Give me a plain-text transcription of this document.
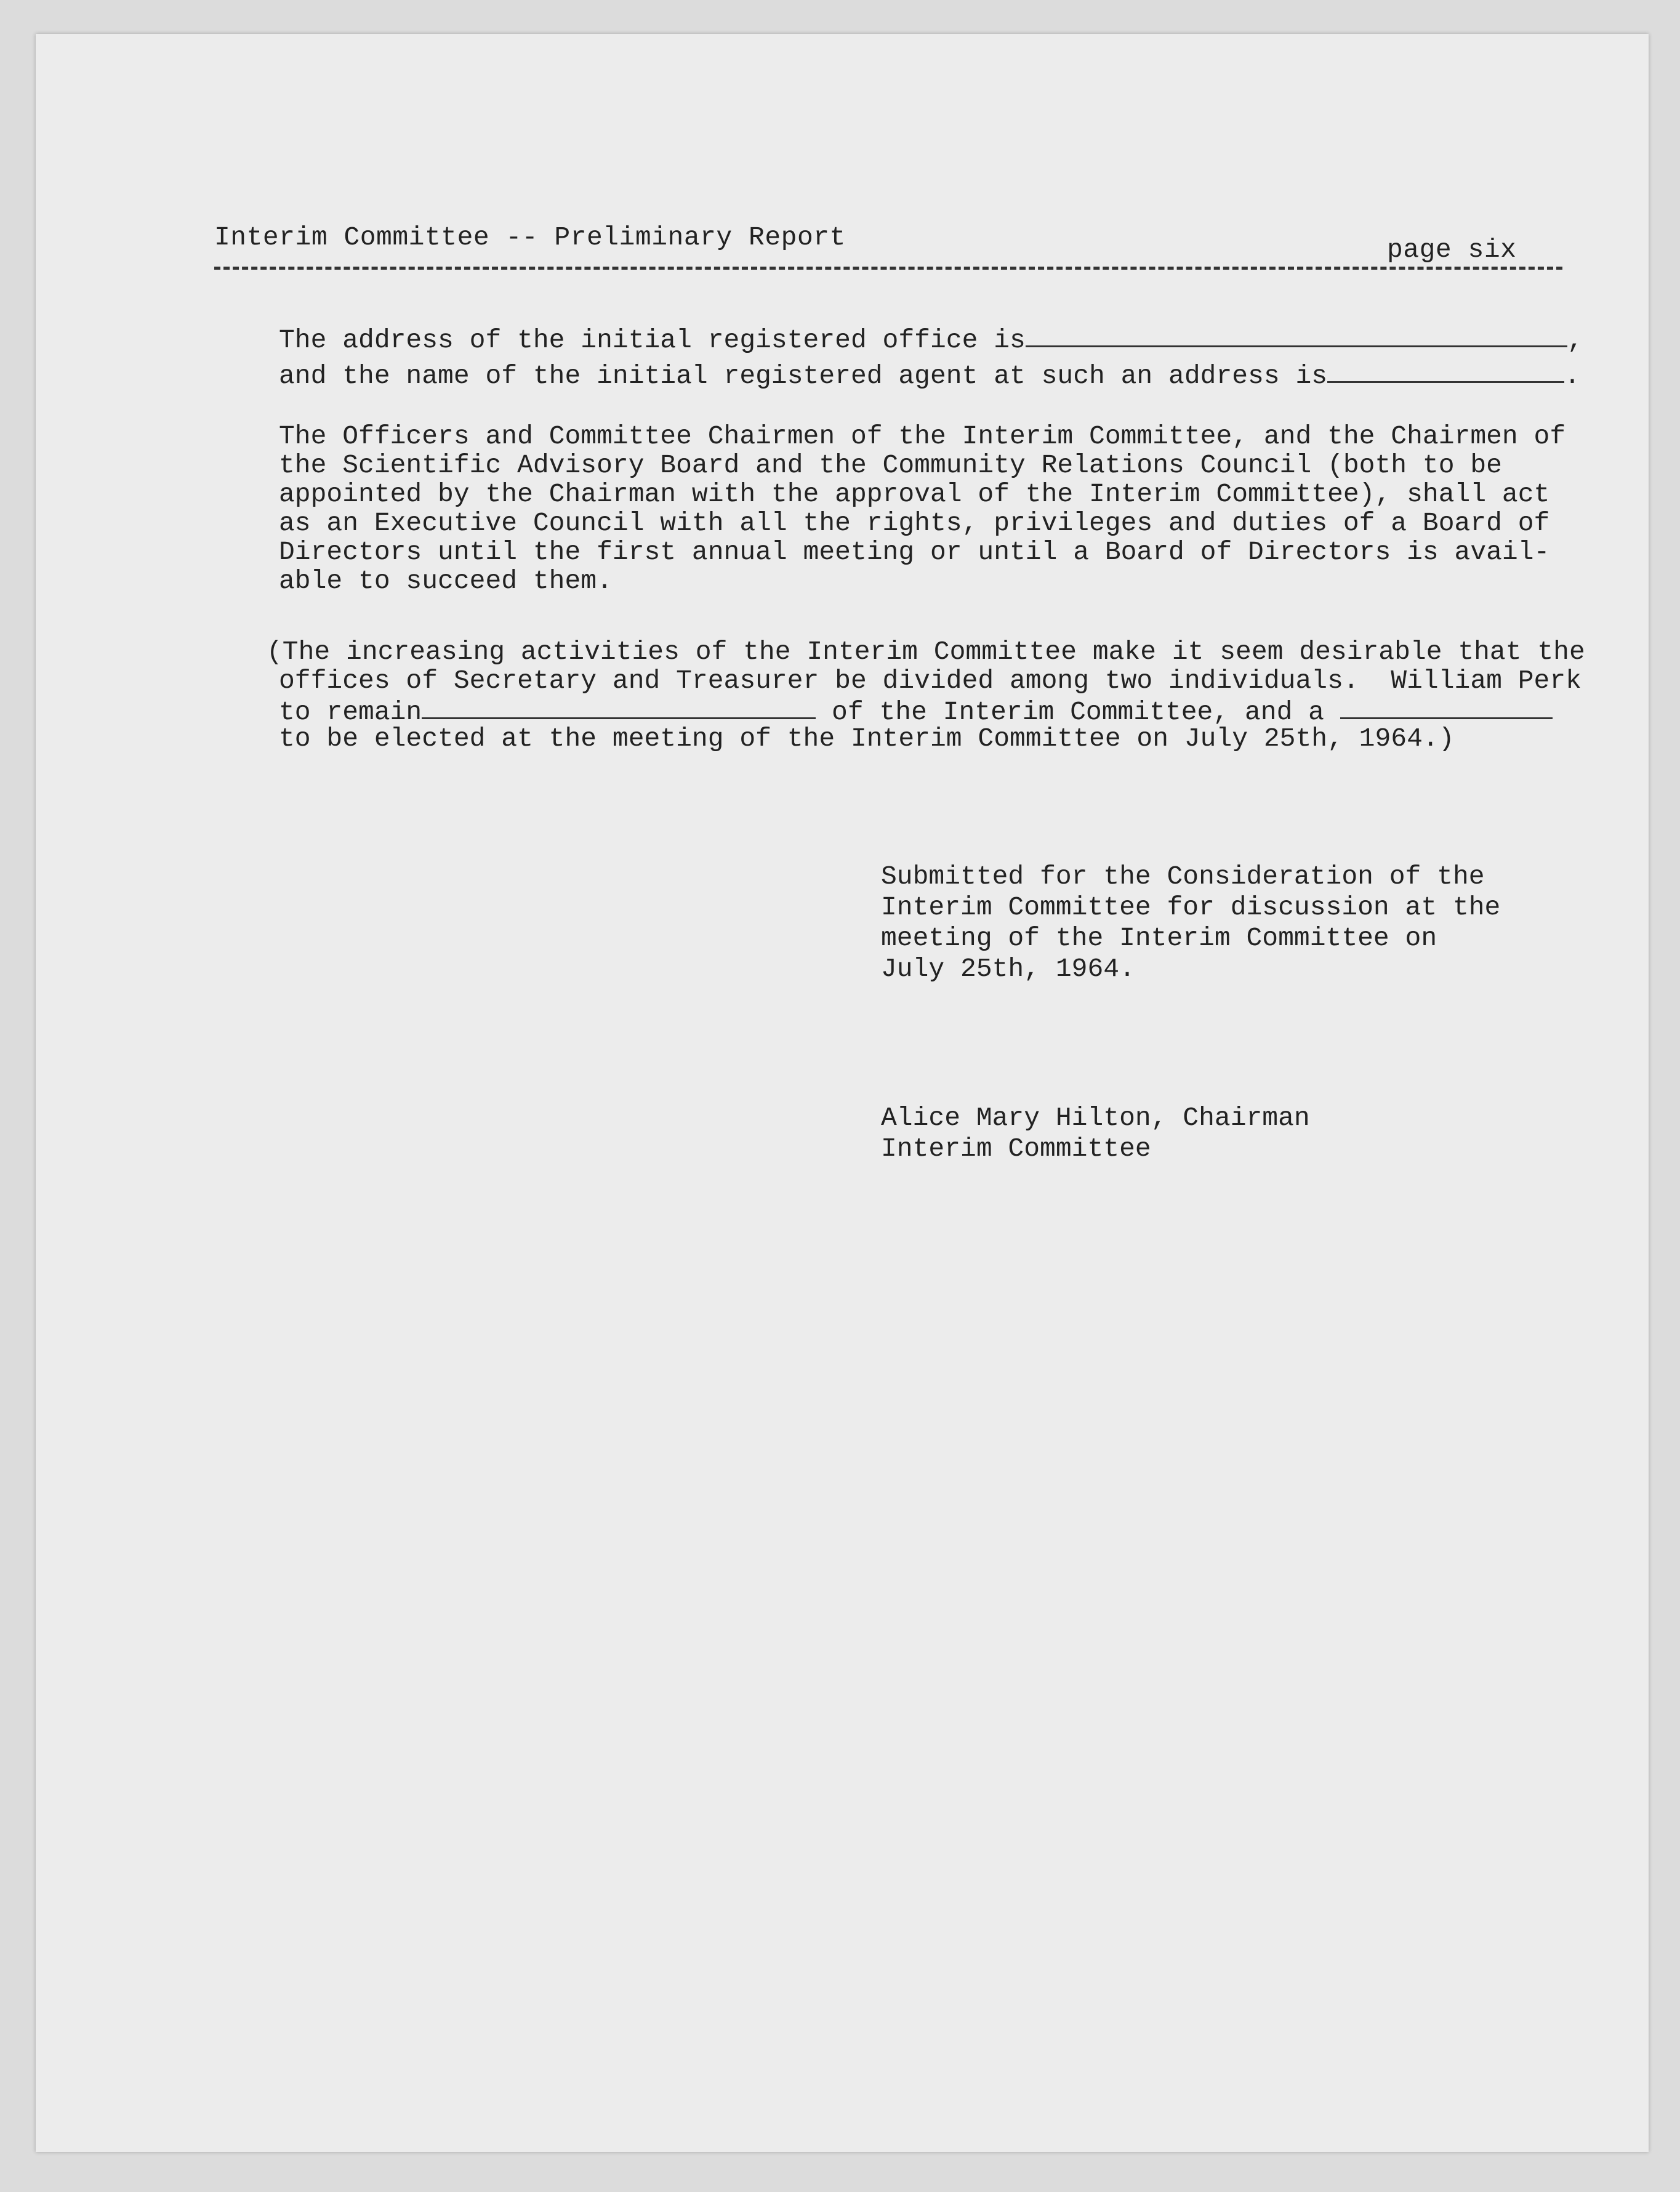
Interim Committee -- Preliminary Report	page six
The address of the initial registered office is	,
and the name of the initial registered agent at such an address is	.
The Officers and Committee Chairmen of the Interim Committee, and the Chairmen of
the Scientific Advisory Board and the Community Relations Council (both to be
appointed by the Chairman with the approval of the Interim Committee), shall act
as an Executive Council with all the rights, privileges and duties of a Board of
Directors until the first annual meeting or until a Board of Directors is avail-
able to succeed them.
(The increasing activities of the Interim Committee make it seem desirable that the
offices of Secretary and Treasurer be divided among two individuals.  William Perk
to remain	of the Interim Committee, and a
to be elected at the meeting of the Interim Committee on July 25th, 1964.)
Submitted for the Consideration of the
Interim Committee for discussion at the
meeting of the Interim Committee on
July 25th, 1964.
Alice Mary Hilton, Chairman
Interim Committee
